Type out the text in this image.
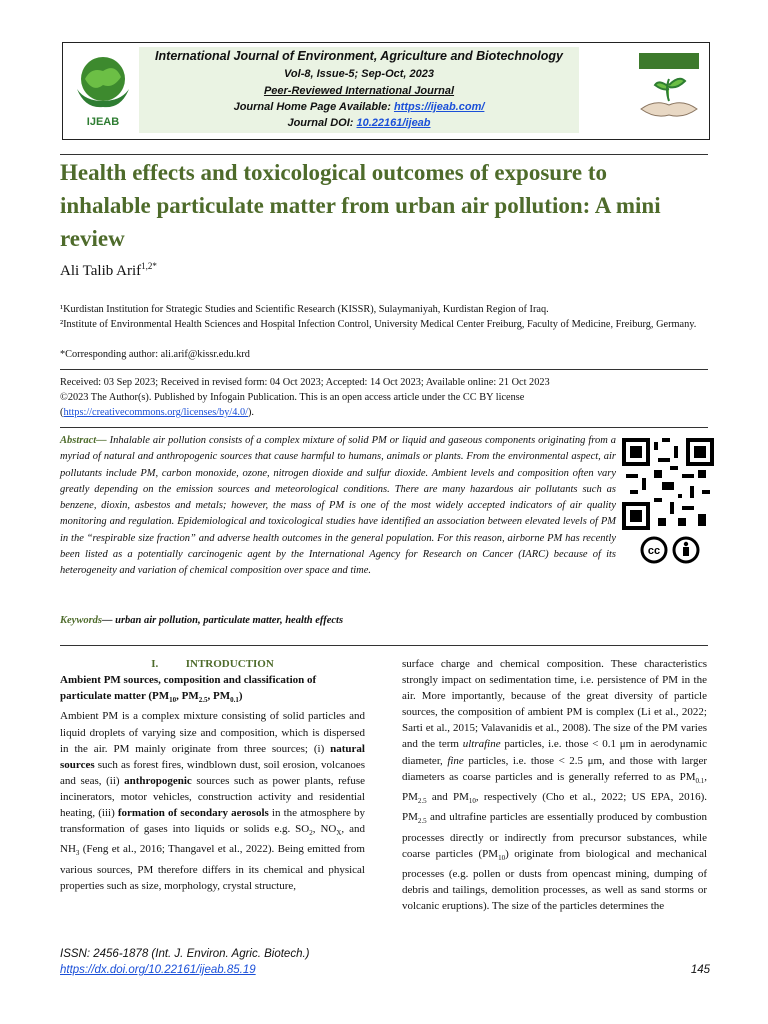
IJEAB
International Journal of Environment, Agriculture and Biotechnology
Vol-8, Issue-5; Sep-Oct, 2023
Peer-Reviewed International Journal
Journal Home Page Available: https://ijeab.com/
Journal DOI: 10.22161/ijeab
Health effects and toxicological outcomes of exposure to inhalable particulate matter from urban air pollution: A mini review
Ali Talib Arif$^{1,2*}$
¹Kurdistan Institution for Strategic Studies and Scientific Research (KISSR), Sulaymaniyah, Kurdistan Region of Iraq.
²Institute of Environmental Health Sciences and Hospital Infection Control, University Medical Center Freiburg, Faculty of Medicine, Freiburg, Germany.
*Corresponding author: ali.arif@kissr.edu.krd
Received: 03 Sep 2023; Received in revised form: 04 Oct 2023; Accepted: 14 Oct 2023; Available online: 21 Oct 2023
©2023 The Author(s). Published by Infogain Publication. This is an open access article under the CC BY license
(https://creativecommons.org/licenses/by/4.0/).
Abstract— Inhalable air pollution consists of a complex mixture of solid PM or liquid and gaseous components originating from a myriad of natural and anthropogenic sources that cause harmful to humans, animals or plants. From the environmental aspect, air pollutants include PM, carbon monoxide, ozone, nitrogen dioxide and sulfur dioxide. Ambient levels and composition often vary greatly depending on the emission sources and meteorological conditions. There are many hazardous air pollutants such as benzene, dioxin, asbestos and metals; however, the mass of PM is one of the most widely accepted indicators of air quality monitoring and regulation. Epidemiological and toxicological studies have identified an association between elevated levels of PM in the “respirable size fraction” and adverse health outcomes in the general population. For this reason, airborne PM has recently been listed as a potentially carcinogenic agent by the International Agency for Research on Cancer (IARC) because of its heterogeneity and variation of chemical composition over space and time.
cc
Keywords— urban air pollution, particulate matter, health effects

I.	INTRODUCTION

Ambient PM sources, composition and classification of particulate matter ($PM_{10}$, $PM_{2.5}$, $PM_{0.1}$)

Ambient PM is a complex mixture consisting of solid particles and liquid droplets of varying size and composition, which is dispersed in the air. PM mainly originate from three sources; (i) natural sources such as forest fires, windblown dust, soil erosion, volcanoes and seas, (ii) anthropogenic sources such as power plants, refuse incinerators, motor vehicles, construction activity and residential heating, (iii) formation of secondary aerosols in the atmosphere by transformation of gases into liquids or solids e.g. $SO_2$, $NO_X$, and $NH_3$ (Feng et al., 2016; Thangavel et al., 2022). Being emitted from various sources, PM therefore differs in its chemical and physical properties such as size, morphology, crystal structure,

surface charge and chemical composition. These characteristics strongly impact on sedimentation time, i.e. persistence of PM in the air. More importantly, because of the great diversity of particle sources, the composition of ambient PM is complex (Li et al., 2022; Sarti et al., 2015; Valavanidis et al., 2008). The size of the PM varies and the term ultrafine particles, i.e. those < 0.1 μm in aerodynamic diameter, fine particles, i.e. those < 2.5 μm, and those with larger diameters as coarse particles and is generally referred to as $PM_{0.1}$, $PM_{2.5}$ and $PM_{10}$, respectively (Cho et al., 2022; US EPA, 2016). $PM_{2.5}$ and ultrafine particles are essentially produced by combustion processes directly or indirectly from precursor substances, while coarse particles $(PM_{10})$ originate from biological and mechanical processes (e.g. pollen or dusts from opencast mining, dumping of debris and tailings, demolition processes, as well as sand storms or volcanic eruptions). The size of the particles determines the

ISSN: 2456-1878 (Int. J. Environ. Agric. Biotech.)
https://dx.doi.org/10.22161/ijeab.85.19	145
